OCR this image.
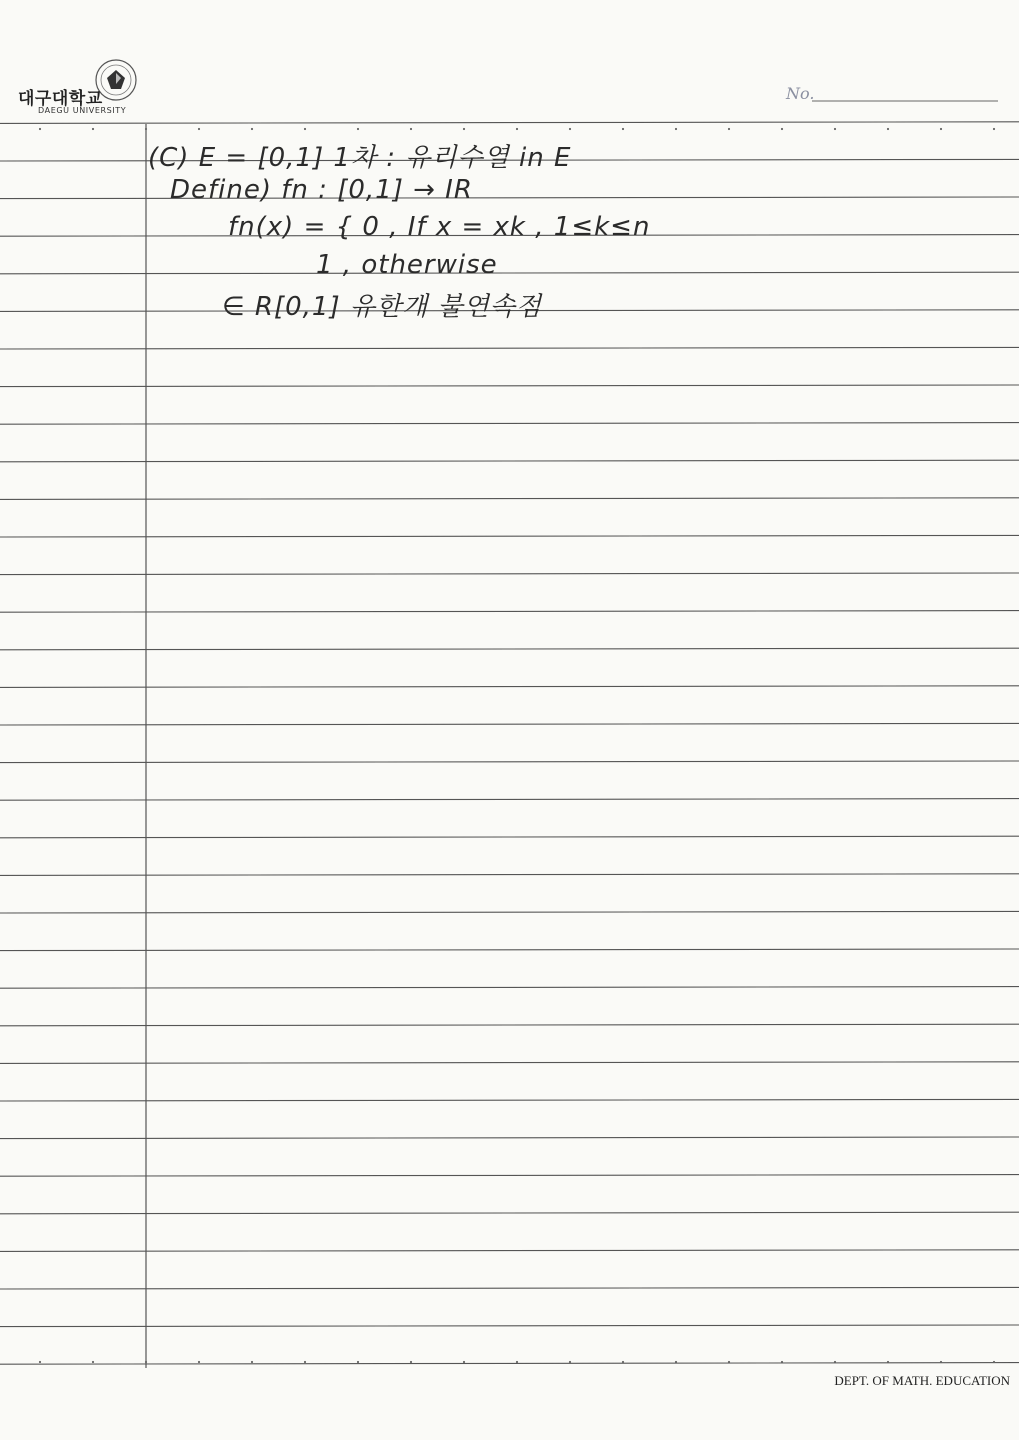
대구대학교
DAEGU UNIVERSITY
No.
(C) E = [0,1] 1차 : 유리수열 in E
Define) fn : [0,1] → IR
fn(x) = { 0 , If x = xk , 1≤k≤n
1 , otherwise
∈ R[0,1] 유한개 불연속점
DEPT. OF MATH. EDUCATION
